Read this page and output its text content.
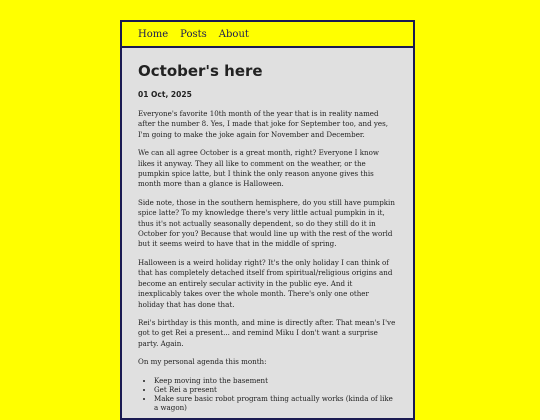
Home Posts About
October's here
01 Oct, 2025

Everyone's favorite 10th month of the year that is in reality named after the number 8. Yes, I made that joke for September too, and yes, I'm going to make the joke again for November and December.

We can all agree October is a great month, right? Everyone I know likes it anyway. They all like to comment on the weather, or the pumpkin spice latte, but I think the only reason anyone gives this month more than a glance is Halloween.

Side note, those in the southern hemisphere, do you still have pumpkin spice latte? To my knowledge there's very little actual pumpkin in it, thus it's not actually seasonally dependent, so do they still do it in October for you? Because that would line up with the rest of the world but it seems weird to have that in the middle of spring.

Halloween is a weird holiday right? It's the only holiday I can think of that has completely detached itself from spiritual/religious origins and become an entirely secular activity in the public eye. And it inexplicably takes over the whole month. There's only one other holiday that has done that.

Rei's birthday is this month, and mine is directly after. That mean's I've got to get Rei a present... and remind Miku I don't want a surprise party. Again.

On my personal agenda this month:

• Keep moving into the basement
• Get Rei a present
• Make sure basic robot program thing actually works (kinda of like a wagon)
